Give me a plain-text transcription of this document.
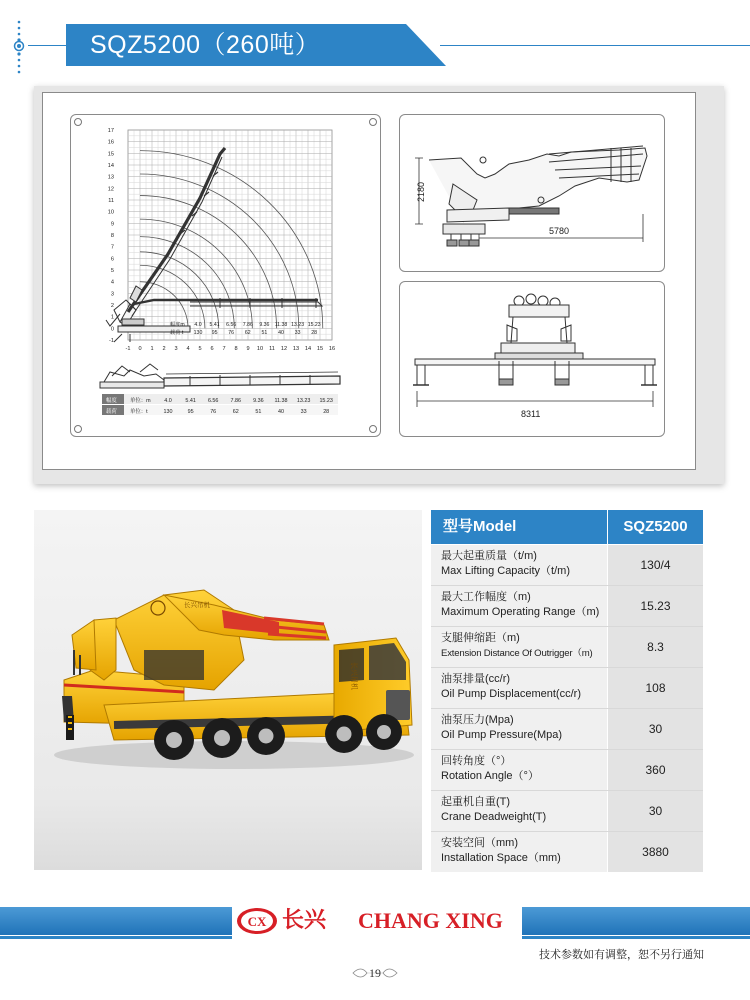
SQZ5200（260吨）
-1 0 1 2 3 4 5 6 7 8 9 10 11 12 13 14 15 16
17
16
15
14
13
12
11
10
9
8
7
6
5
4
3
2
1
0
-1
幅度m
载荷 t
4.0 5.41 6.56 7.86 9.36 11.38 13.23 15.23
130 95 76 62 51 40 33 28
幅度
载荷
单位：m
单位：t
4.0	5.41 6.56 7.86 9.36 11.38 13.23 15.23
130	95	76	62	51	40	33	28
2180
5780
8311
长兴吊机
长兴吊机
型号Model	SQZ5200
最大起重质量（t/m)
Max Lifting Capacity（t/m)	130/4
最大工作幅度（m)
Maximum Operating Range（m)	15.23
支腿伸缩距（m)
Extension Distance Of Outrigger（m)	8.3
油泵排量(cc/r)
Oil Pump Displacement(cc/r)	108
油泵压力(Mpa)
Oil Pump Pressure(Mpa)	30
回转角度（°）
Rotation Angle（°）	360
起重机自重(T)
Crane Deadweight(T)	30
安装空间（mm)
Installation Space（mm)	3880
CX 长兴 CHANG XING
技术参数如有调整，恕不另行通知
19
